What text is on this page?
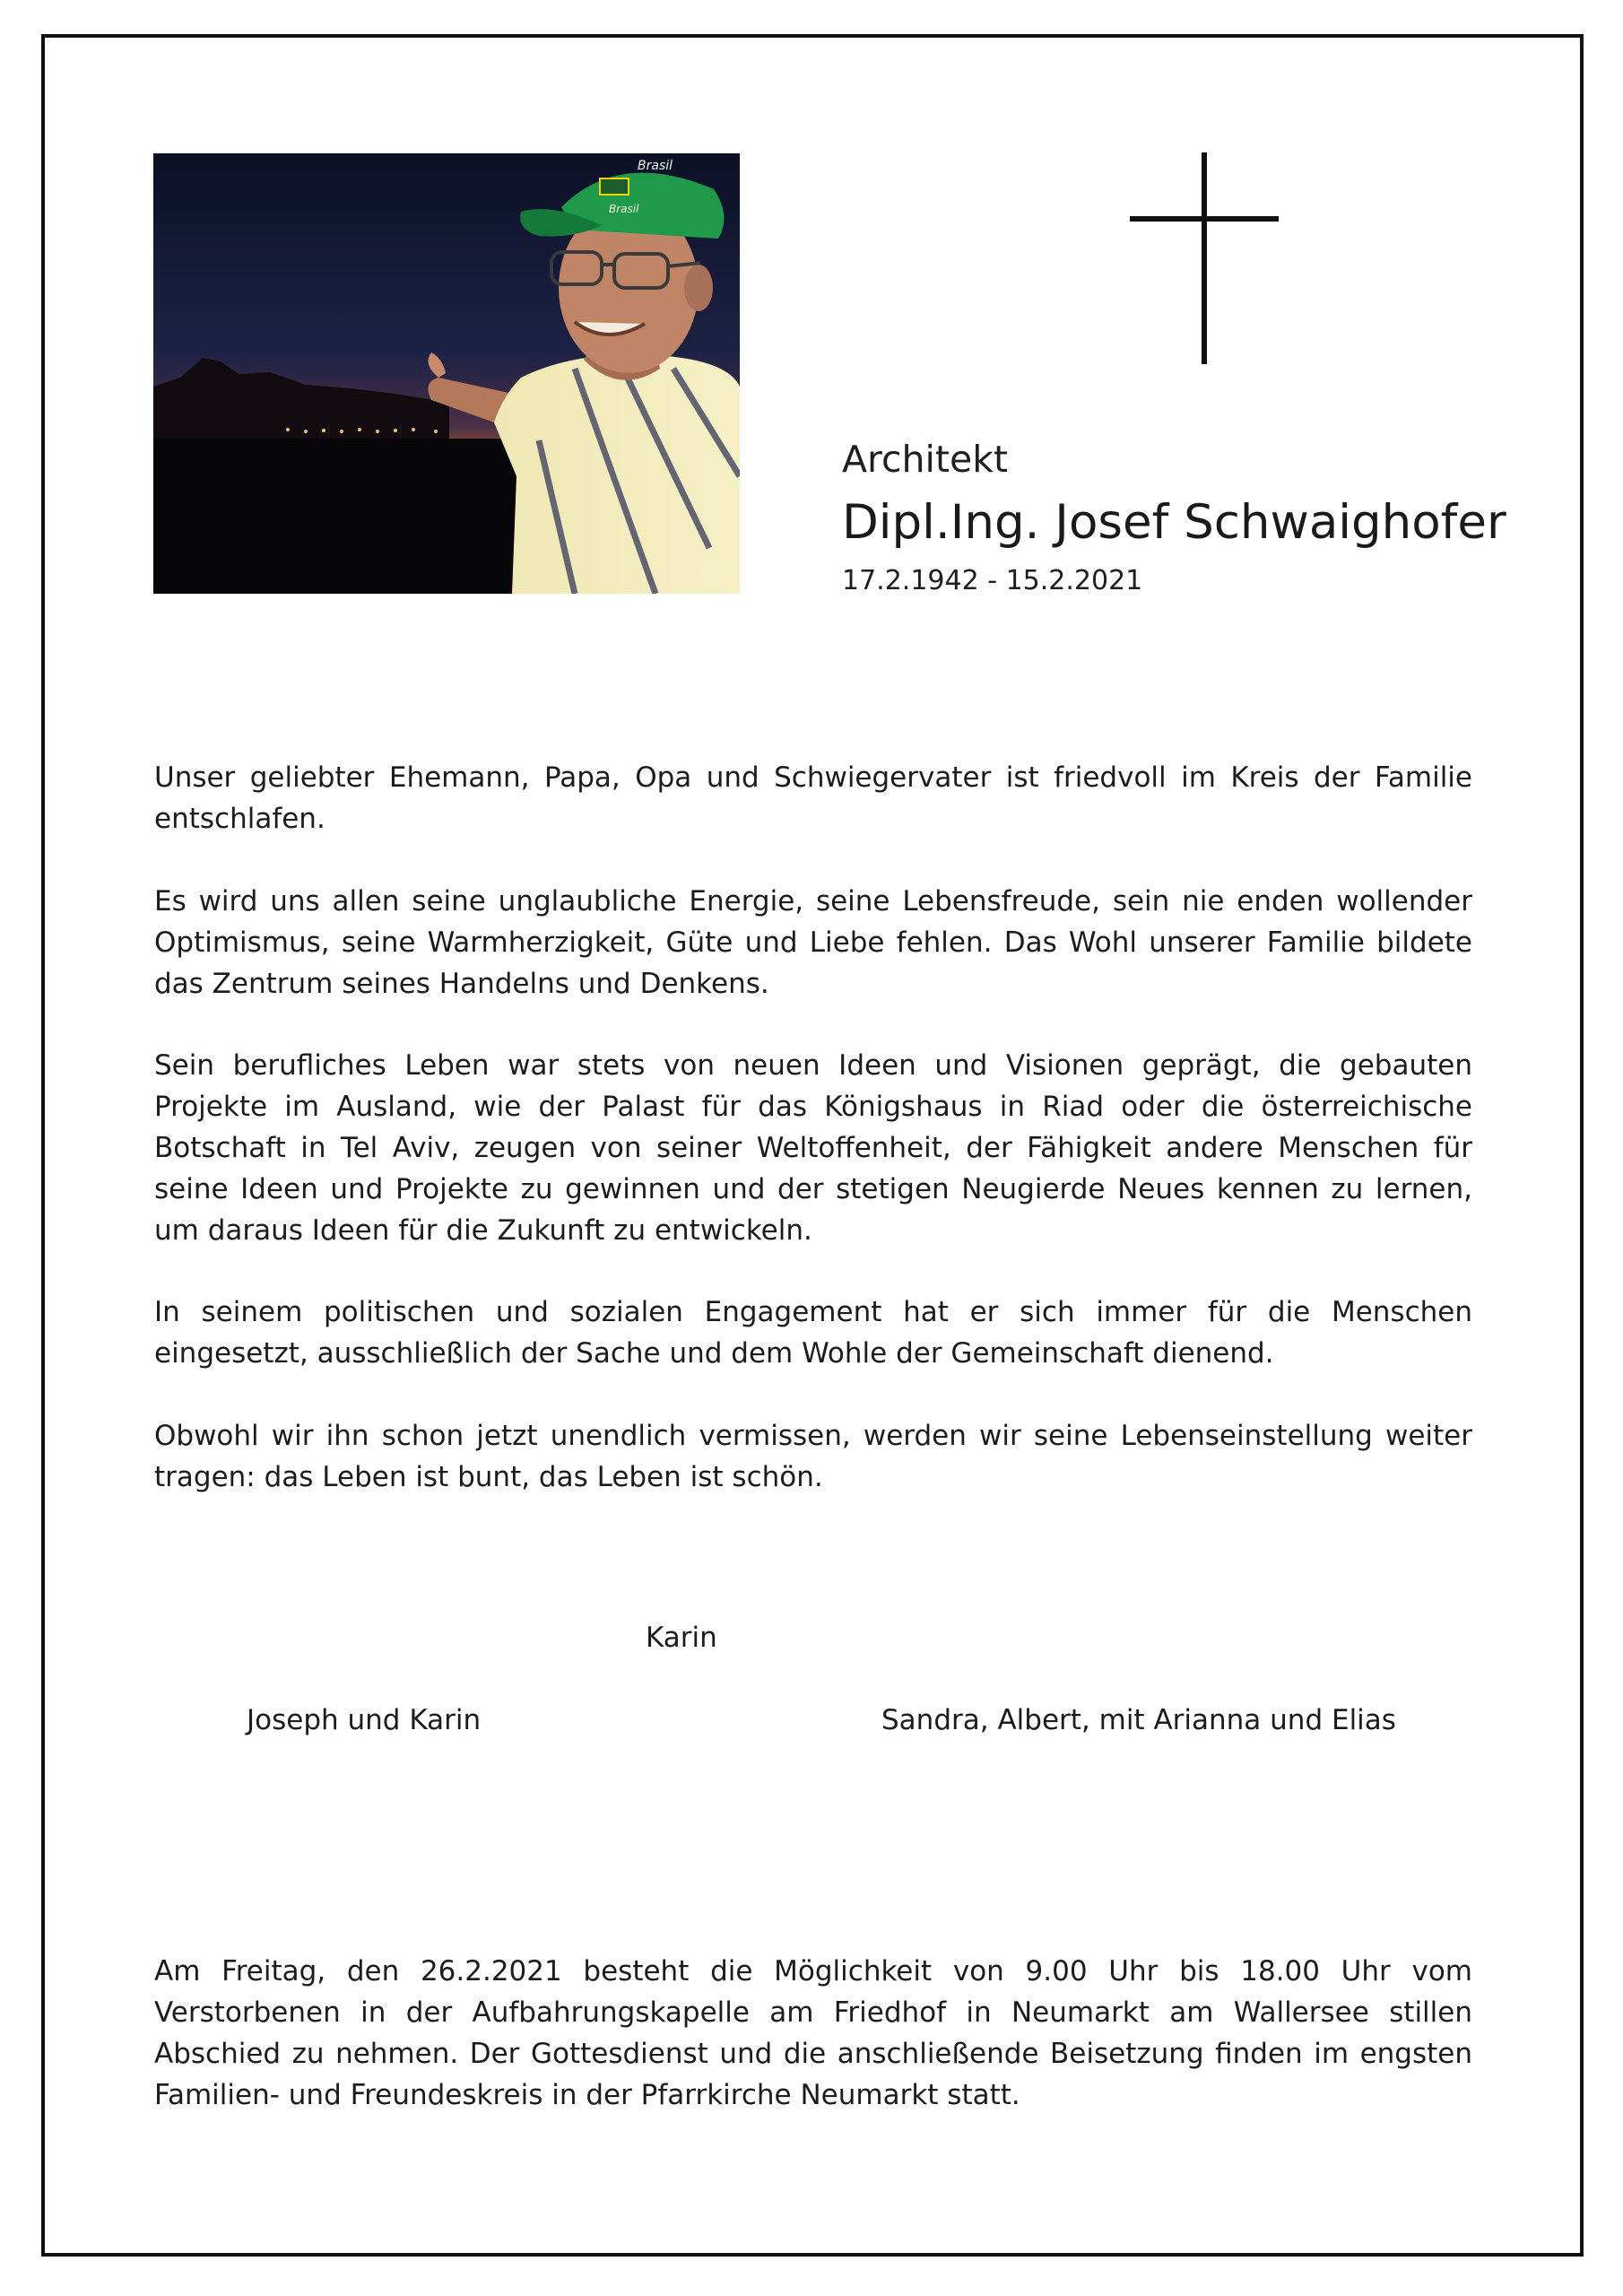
Brasil
Brasil
Architekt
Dipl.Ing. Josef Schwaighofer
17.2.1942 - 15.2.2021

Unser geliebter Ehemann, Papa, Opa und Schwiegervater ist friedvoll im Kreis der Familie entschlafen.

Es wird uns allen seine unglaubliche Energie, seine Lebensfreude, sein nie enden wollender Optimismus, seine Warmherzigkeit, Güte und Liebe fehlen. Das Wohl unserer Familie bildete das Zentrum seines Handelns und Denkens.

Sein berufliches Leben war stets von neuen Ideen und Visionen geprägt, die gebauten Projekte im Ausland, wie der Palast für das Königshaus in Riad oder die österreichische Botschaft in Tel Aviv, zeugen von seiner Weltoffenheit, der Fähigkeit andere Menschen für seine Ideen und Projekte zu gewinnen und der stetigen Neugierde Neues kennen zu lernen, um daraus Ideen für die Zukunft zu entwickeln.

In seinem politischen und sozialen Engagement hat er sich immer für die Menschen eingesetzt, ausschließlich der Sache und dem Wohle der Gemeinschaft dienend.

Obwohl wir ihn schon jetzt unendlich vermissen, werden wir seine Lebenseinstellung weiter tragen: das Leben ist bunt, das Leben ist schön.

Karin
Joseph und Karin	Sandra, Albert, mit Arianna und Elias

Am Freitag, den 26.2.2021 besteht die Möglichkeit von 9.00 Uhr bis 18.00 Uhr vom Verstorbenen in der Aufbahrungskapelle am Friedhof in Neumarkt am Wallersee stillen Abschied zu nehmen. Der Gottesdienst und die anschließende Beisetzung finden im engsten Familien- und Freundeskreis in der Pfarrkirche Neumarkt statt.
